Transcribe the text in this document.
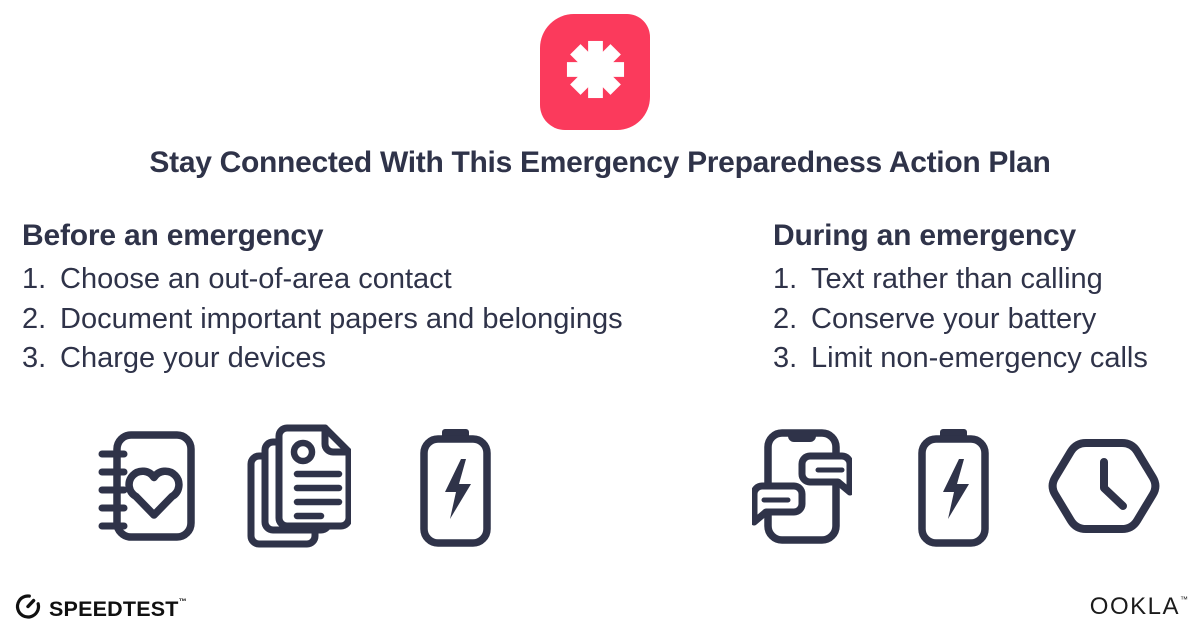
Stay Connected With This Emergency Preparedness Action Plan
Before an emergency
1. Choose an out-of-area contact
2. Document important papers and belongings
3. Charge your devices
During an emergency
1. Text rather than calling
2. Conserve your battery
3. Limit non-emergency calls
SPEEDTEST™	OOKLA™
